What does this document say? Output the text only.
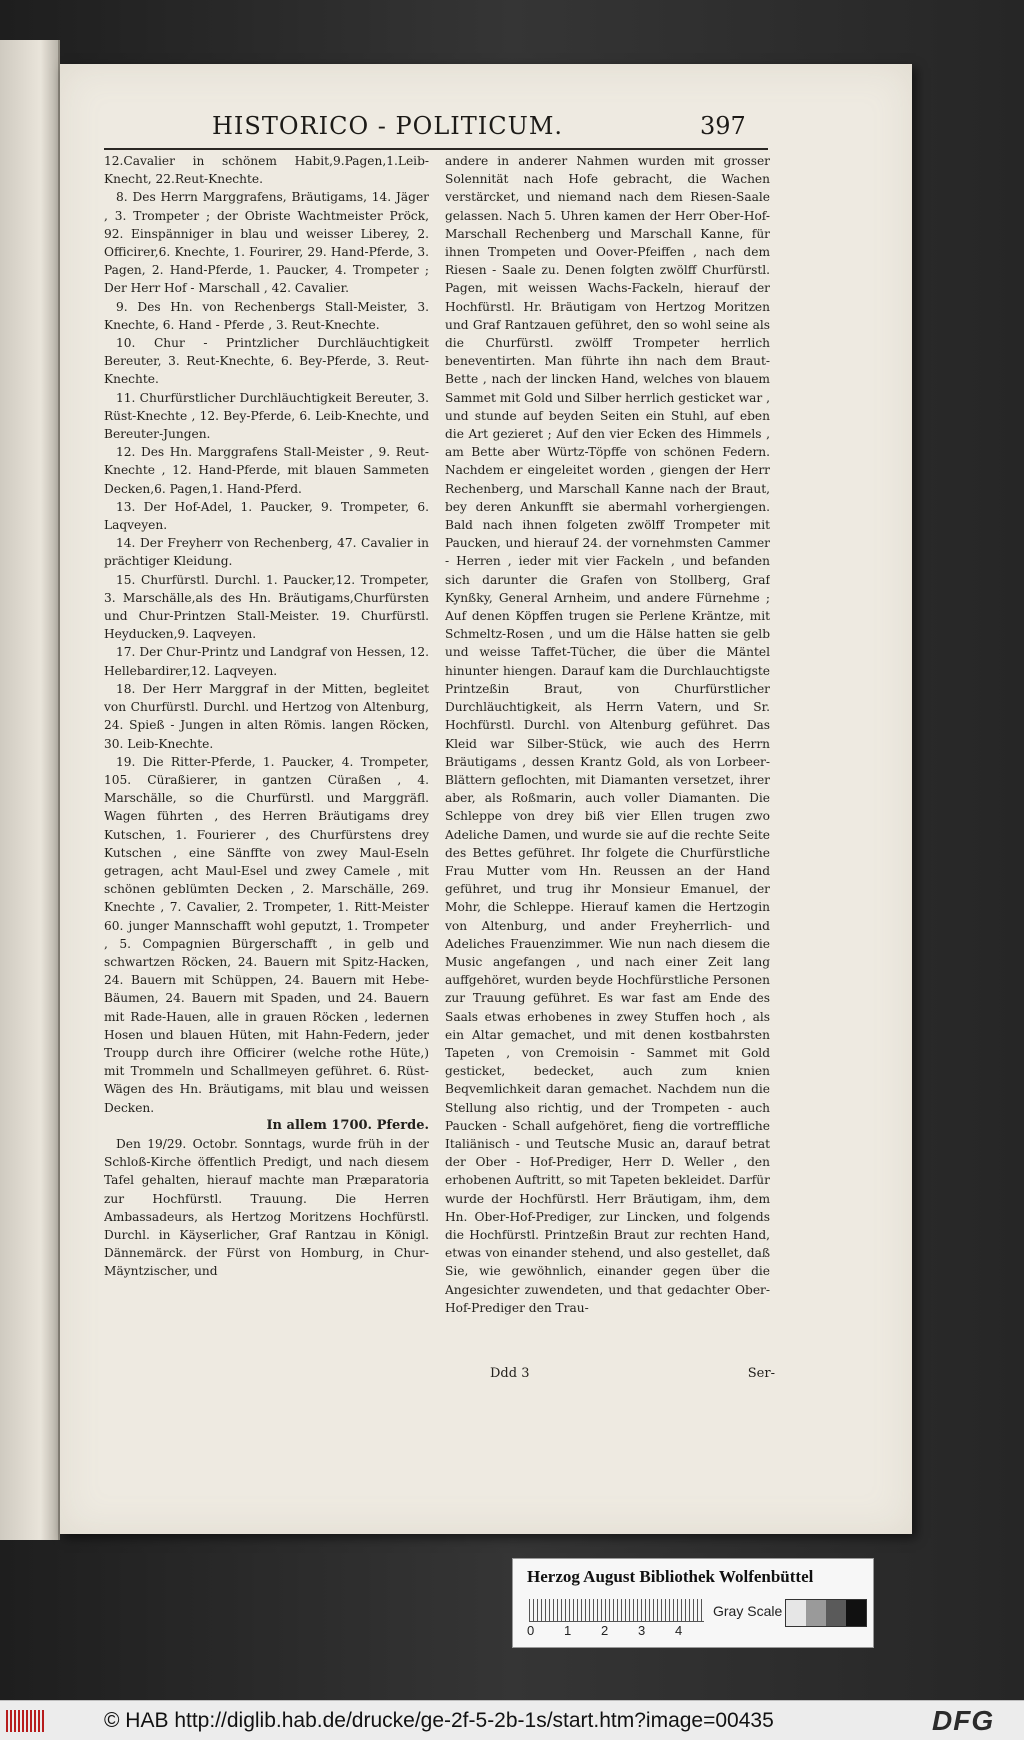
HISTORICO - POLITICUM.	397

12.Cavalier in schönem Habit,9.Pagen,1.Leib-Knecht, 22.Reut-Knechte.

8. Des Herrn Marggrafens, Bräutigams, 14. Jäger , 3. Trompeter ; der Obriste Wachtmeister Pröck, 92. Einspänniger in blau und weisser Liberey, 2. Officirer,6. Knechte, 1. Fourirer, 29. Hand-Pferde, 3. Pagen, 2. Hand-Pferde, 1. Paucker, 4. Trompeter ; Der Herr Hof - Marschall , 42. Cavalier.

9. Des Hn. von Rechenbergs Stall-Meister, 3. Knechte, 6. Hand - Pferde , 3. Reut-Knechte.

10. Chur - Printzlicher Durchläuchtigkeit Bereuter, 3. Reut-Knechte, 6. Bey-Pferde, 3. Reut-Knechte.

11. Churfürstlicher Durchläuchtigkeit Bereuter, 3. Rüst-Knechte , 12. Bey-Pferde, 6. Leib-Knechte, und Bereuter-Jungen.

12. Des Hn. Marggrafens Stall-Meister , 9. Reut-Knechte , 12. Hand-Pferde, mit blauen Sammeten Decken,6. Pagen,1. Hand-Pferd.

13. Der Hof-Adel, 1. Paucker, 9. Trompeter, 6. Laqveyen.

14. Der Freyherr von Rechenberg, 47. Cavalier in prächtiger Kleidung.

15. Churfürstl. Durchl. 1. Paucker,12. Trompeter, 3. Marschälle,als des Hn. Bräutigams,Churfürsten und Chur-Printzen Stall-Meister. 19. Churfürstl. Heyducken,9. Laqveyen.

17. Der Chur-Printz und Landgraf von Hessen, 12. Hellebardirer,12. Laqveyen.

18. Der Herr Marggraf in der Mitten, begleitet von Churfürstl. Durchl. und Hertzog von Altenburg, 24. Spieß - Jungen in alten Römis. langen Röcken, 30. Leib-Knechte.

19. Die Ritter-Pferde, 1. Paucker, 4. Trompeter, 105. Cüraßierer, in gantzen Cüraßen , 4. Marschälle, so die Churfürstl. und Marggräfl. Wagen führten , des Herren Bräutigams drey Kutschen, 1. Fourierer , des Churfürstens drey Kutschen , eine Sänffte von zwey Maul-Eseln getragen, acht Maul-Esel und zwey Camele , mit schönen geblümten Decken , 2. Marschälle, 269. Knechte , 7. Cavalier, 2. Trompeter, 1. Ritt-Meister 60. junger Mannschafft wohl geputzt, 1. Trompeter , 5. Compagnien Bürgerschafft , in gelb und schwartzen Röcken, 24. Bauern mit Spitz-Hacken, 24. Bauern mit Schüppen, 24. Bauern mit Hebe-Bäumen, 24. Bauern mit Spaden, und 24. Bauern mit Rade-Hauen, alle in grauen Röcken , ledernen Hosen und blauen Hüten, mit Hahn-Federn, jeder Troupp durch ihre Officirer (welche rothe Hüte,) mit Trommeln und Schallmeyen geführet. 6. Rüst-Wägen des Hn. Bräutigams, mit blau und weissen Decken.

In allem 1700. Pferde.

Den 19/29. Octobr. Sonntags, wurde früh in der Schloß-Kirche öffentlich Predigt, und nach diesem Tafel gehalten, hierauf machte man Præparatoria zur Hochfürstl. Trauung. Die Herren Ambassadeurs, als Hertzog Moritzens Hochfürstl. Durchl. in Käyserlicher, Graf Rantzau in Königl. Dännemärck. der Fürst von Homburg, in Chur-Mäyntzischer, und

andere in anderer Nahmen wurden mit grosser Solennität nach Hofe gebracht, die Wachen verstärcket, und niemand nach dem Riesen-Saale gelassen. Nach 5. Uhren kamen der Herr Ober-Hof-Marschall Rechenberg und Marschall Kanne, für ihnen Trompeten und Oover-Pfeiffen , nach dem Riesen - Saale zu. Denen folgten zwölff Churfürstl. Pagen, mit weissen Wachs-Fackeln, hierauf der Hochfürstl. Hr. Bräutigam von Hertzog Moritzen und Graf Rantzauen geführet, den so wohl seine als die Churfürstl. zwölff Trompeter herrlich beneventirten. Man führte ihn nach dem Braut-Bette , nach der lincken Hand, welches von blauem Sammet mit Gold und Silber herrlich gesticket war , und stunde auf beyden Seiten ein Stuhl, auf eben die Art gezieret ; Auf den vier Ecken des Himmels , am Bette aber Würtz-Töpffe von schönen Federn. Nachdem er eingeleitet worden , giengen der Herr Rechenberg, und Marschall Kanne nach der Braut, bey deren Ankunfft sie abermahl vorhergiengen. Bald nach ihnen folgeten zwölff Trompeter mit Paucken, und hierauf 24. der vornehmsten Cammer - Herren , ieder mit vier Fackeln , und befanden sich darunter die Grafen von Stollberg, Graf Kynßky, General Arnheim, und andere Fürnehme ; Auf denen Köpffen trugen sie Perlene Kräntze, mit Schmeltz-Rosen , und um die Hälse hatten sie gelb und weisse Taffet-Tücher, die über die Mäntel hinunter hiengen. Darauf kam die Durchlauchtigste Printzeßin Braut, von Churfürstlicher Durchläuchtigkeit, als Herrn Vatern, und Sr. Hochfürstl. Durchl. von Altenburg geführet. Das Kleid war Silber-Stück, wie auch des Herrn Bräutigams , dessen Krantz Gold, als von Lorbeer-Blättern geflochten, mit Diamanten versetzet, ihrer aber, als Roßmarin, auch voller Diamanten. Die Schleppe von drey biß vier Ellen trugen zwo Adeliche Damen, und wurde sie auf die rechte Seite des Bettes geführet. Ihr folgete die Churfürstliche Frau Mutter vom Hn. Reussen an der Hand geführet, und trug ihr Monsieur Emanuel, der Mohr, die Schleppe. Hierauf kamen die Hertzogin von Altenburg, und ander Freyherrlich- und Adeliches Frauenzimmer. Wie nun nach diesem die Music angefangen , und nach einer Zeit lang auffgehöret, wurden beyde Hochfürstliche Personen zur Trauung geführet. Es war fast am Ende des Saals etwas erhobenes in zwey Stuffen hoch , als ein Altar gemachet, und mit denen kostbahrsten Tapeten , von Cremoisin - Sammet mit Gold gesticket, bedecket, auch zum knien Beqvemlichkeit daran gemachet. Nachdem nun die Stellung also richtig, und der Trompeten - auch Paucken - Schall aufgehöret, fieng die vortreffliche Italiänisch - und Teutsche Music an, darauf betrat der Ober - Hof-Prediger, Herr D. Weller , den erhobenen Auftritt, so mit Tapeten bekleidet. Darfür wurde der Hochfürstl. Herr Bräutigam, ihm, dem Hn. Ober-Hof-Prediger, zur Lincken, und folgends die Hochfürstl. Printzeßin Braut zur rechten Hand, etwas von einander stehend, und also gestellet, daß Sie, wie gewöhnlich, einander gegen über die Angesichter zuwendeten, und that gedachter Ober-Hof-Prediger den Trau-

Ddd 3	Ser-
Herzog August Bibliothek Wolfenbüttel
0 1 2 3 4
Gray Scale
© HAB http://diglib.hab.de/drucke/ge-2f-5-2b-1s/start.htm?image=00435	DFG
